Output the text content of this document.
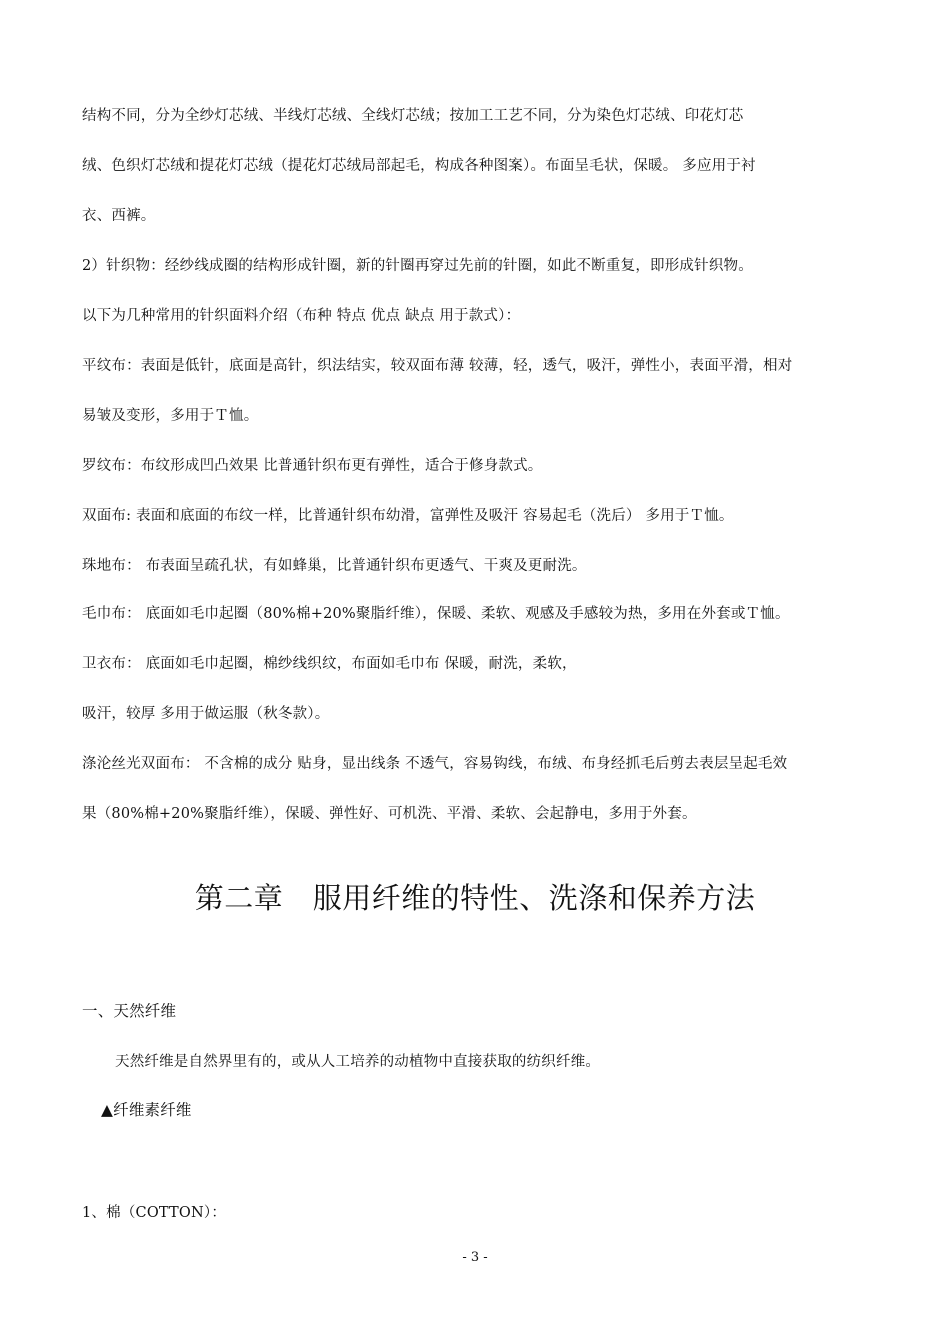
结构不同，分为全纱灯芯绒、半线灯芯绒、全线灯芯绒；按加工工艺不同，分为染色灯芯绒、印花灯芯
绒、色织灯芯绒和提花灯芯绒（提花灯芯绒局部起毛，构成各种图案）。布面呈毛状，保暖。 多应用于衬
衣、西裤。
2）针织物：经纱线成圈的结构形成针圈，新的针圈再穿过先前的针圈，如此不断重复，即形成针织物。
以下为几种常用的针织面料介绍（布种 特点 优点 缺点 用于款式）：
平纹布：表面是低针，底面是高针，织法结实，较双面布薄 较薄，轻，透气，吸汗，弹性小，表面平滑，相对
易皱及变形，多用于Ｔ恤。
罗纹布：布纹形成凹凸效果 比普通针织布更有弹性，适合于修身款式。
双面布: 表面和底面的布纹一样，比普通针织布幼滑，富弹性及吸汗 容易起毛（洗后） 多用于Ｔ恤。
珠地布： 布表面呈疏孔状，有如蜂巢，比普通针织布更透气、干爽及更耐洗。
毛巾布： 底面如毛巾起圈（80%棉+20%聚脂纤维），保暖、柔软、观感及手感较为热，多用在外套或Ｔ恤。
卫衣布： 底面如毛巾起圈，棉纱线织纹，布面如毛巾布 保暖，耐洗，柔软，
吸汗，较厚 多用于做运服（秋冬款）。
涤沦丝光双面布： 不含棉的成分 贴身，显出线条 不透气，容易钩线，布绒、布身经抓毛后剪去表层呈起毛效
果（80%棉+20%聚脂纤维），保暖、弹性好、可机洗、平滑、柔软、会起静电，多用于外套。
第二章　服用纤维的特性、洗涤和保养方法
一、天然纤维
天然纤维是自然界里有的，或从人工培养的动植物中直接获取的纺织纤维。
▲纤维素纤维
1、棉（COTTON）：
- 3 -
